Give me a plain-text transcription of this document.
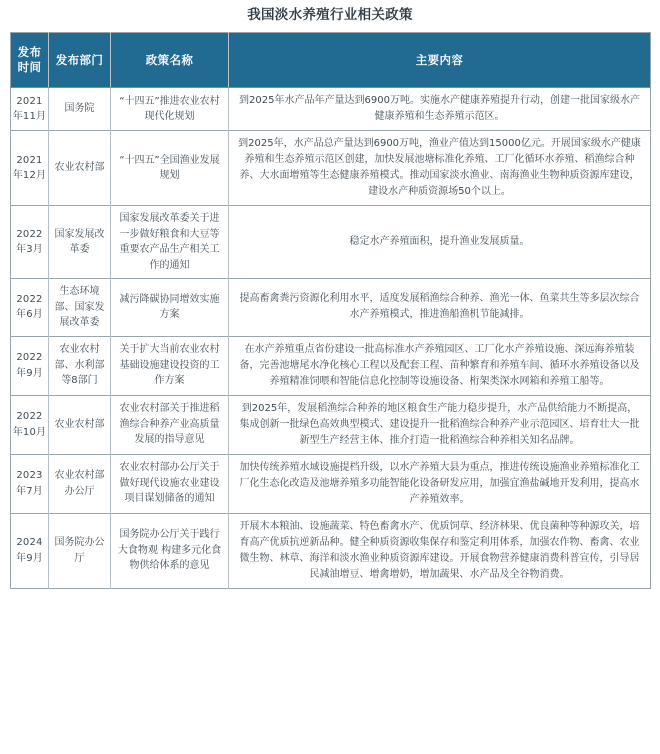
我国淡水养殖行业相关政策
发布
时间	发布部门	政策名称	主要内容
2021年11月	国务院	“十四五”推进农业农村现代化规划	到2025年水产品年产量达到6900万吨。实施水产健康养殖提升行动，创建一批国家级水产健康养殖和生态养殖示范区。
2021年12月	农业农村部	“十四五”全国渔业发展规划	到2025年，水产品总产量达到6900万吨，渔业产值达到15000亿元。开展国家级水产健康养殖和生态养殖示范区创建，加快发展池塘标准化养殖、工厂化循环水养殖、稻渔综合种养、大水面增殖等生态健康养殖模式。推动国家淡水渔业、南海渔业生物种质资源库建设，建设水产种质资源场50个以上。
2022年3月	国家发展改革委	国家发展改革委关于进一步做好粮食和大豆等重要农产品生产相关工作的通知	稳定水产养殖面积，提升渔业发展质量。
2022年6月	生态环境部、国家发展改革委	减污降碳协同增效实施方案	提高畜禽粪污资源化利用水平，适度发展稻渔综合种养、渔光一体、鱼菜共生等多层次综合水产养殖模式，推进渔船渔机节能减排。
2022年9月	农业农村部、水利部等8部门	关于扩大当前农业农村基础设施建设投资的工作方案	在水产养殖重点省份建设一批高标准水产养殖园区、工厂化水产养殖设施、深远海养殖装备，完善池塘尾水净化核心工程以及配套工程、苗种繁育和养殖车间、循环水养殖设备以及养殖精准饲喂和智能信息化控制等设施设备、桁架类深水网箱和养殖工船等。
2022年10月	农业农村部	农业农村部关于推进稻渔综合种养产业高质量发展的指导意见	到2025年，发展稻渔综合种养的地区粮食生产能力稳步提升，水产品供给能力不断提高，集成创新一批绿色高效典型模式、建设提升一批稻渔综合种养产业示范园区、培育壮大一批新型生产经营主体、推介打造一批稻渔综合种养相关知名品牌。
2023年7月	农业农村部办公厅	农业农村部办公厅关于做好现代设施农业建设项目谋划储备的通知	加快传统养殖水域设施提档升级，以水产养殖大县为重点，推进传统设施渔业养殖标准化工厂化生态化改造及池塘养殖多功能智能化设备研发应用，加强宜渔盐碱地开发利用，提高水产养殖效率。
2024年9月	国务院办公厅	国务院办公厅关于践行大食物观 构建多元化食物供给体系的意见	开展木本粮油、设施蔬菜、特色畜禽水产、优质饲草、经济林果、优良菌种等种源攻关，培育高产优质抗逆新品种。健全种质资源收集保存和鉴定利用体系，加强农作物、畜禽、农业微生物、林草、海洋和淡水渔业种质资源库建设。开展食物营养健康消费科普宣传，引导居民减油增豆、增禽增奶，增加蔬果、水产品及全谷物消费。
